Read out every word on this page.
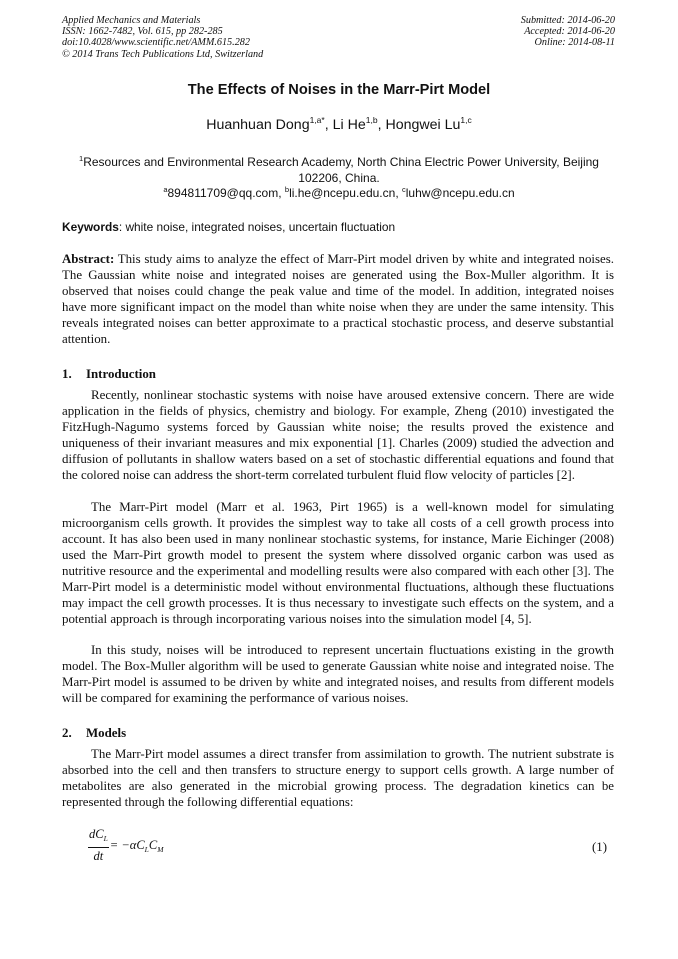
Applied Mechanics and Materials
ISSN: 1662-7482, Vol. 615, pp 282-285
doi:10.4028/www.scientific.net/AMM.615.282
© 2014 Trans Tech Publications Ltd, Switzerland
Submitted: 2014-06-20
Accepted: 2014-06-20
Online: 2014-08-11
The Effects of Noises in the Marr-Pirt Model
Huanhuan Dong$^{1,a*}$, Li He$^{1,b}$, Hongwei Lu$^{1,c}$
$^1$Resources and Environmental Research Academy, North China Electric Power University, Beijing 102206, China.
$^a$894811709@qq.com, $^b$li.he@ncepu.edu.cn, $^c$luhw@ncepu.edu.cn
Keywords: white noise, integrated noises, uncertain fluctuation
Abstract: This study aims to analyze the effect of Marr-Pirt model driven by white and integrated noises. The Gaussian white noise and integrated noises are generated using the Box-Muller algorithm. It is observed that noises could change the peak value and time of the model. In addition, integrated noises have more significant impact on the model than white noise when they are under the same intensity. This reveals integrated noises can better approximate to a practical stochastic process, and deserve substantial attention.
1. Introduction
Recently, nonlinear stochastic systems with noise have aroused extensive concern. There are wide application in the fields of physics, chemistry and biology. For example, Zheng (2010) investigated the FitzHugh-Nagumo systems forced by Gaussian white noise; the results proved the existence and uniqueness of their invariant measures and mix exponential [1]. Charles (2009) studied the advection and diffusion of pollutants in shallow waters based on a set of stochastic differential equations and found that the colored noise can address the short-term correlated turbulent fluid flow velocity of particles [2].
The Marr-Pirt model (Marr et al. 1963, Pirt 1965) is a well-known model for simulating microorganism cells growth. It provides the simplest way to take all costs of a cell growth process into account. It has also been used in many nonlinear stochastic systems, for instance, Marie Eichinger (2008) used the Marr-Pirt growth model to present the system where dissolved organic carbon was used as nutritive resource and the experimental and modelling results were also compared with each other [3]. The Marr-Pirt model is a deterministic model without environmental fluctuations, although these fluctuations may impact the cell growth processes. It is thus necessary to investigate such effects on the system, and a potential approach is through incorporating various noises into the simulation model [4, 5].
In this study, noises will be introduced to represent uncertain fluctuations existing in the growth model. The Box-Muller algorithm will be used to generate Gaussian white noise and integrated noise. The Marr-Pirt model is assumed to be driven by white and integrated noises, and results from different models will be compared for examining the performance of various noises.
2. Models
The Marr-Pirt model assumes a direct transfer from assimilation to growth. The nutrient substrate is absorbed into the cell and then transfers to structure energy to support cells growth. A large number of metabolites are also generated in the microbial growing process. The degradation kinetics can be represented through the following differential equations:
$\frac{dC_L}{dt} = -\alpha C_LC_M$	(1)
